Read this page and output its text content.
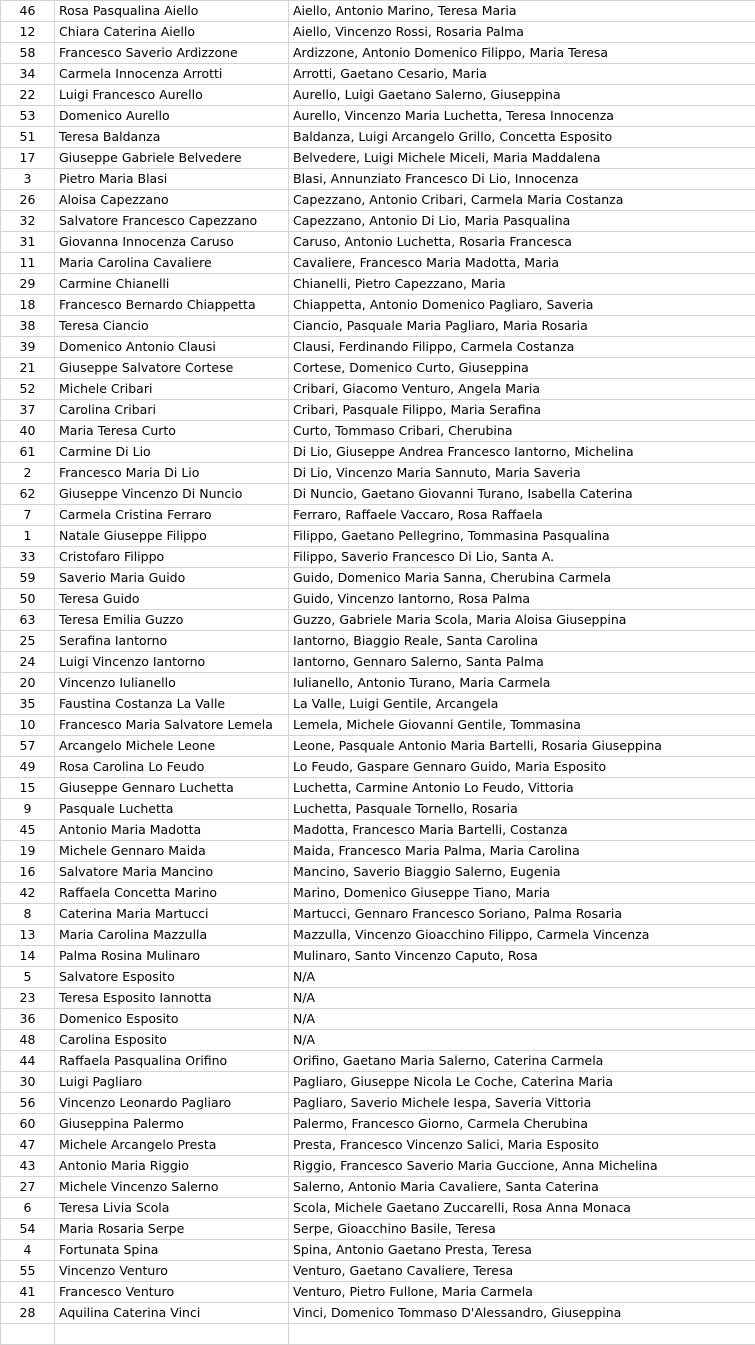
46	Rosa Pasqualina Aiello	Aiello, Antonio Marino, Teresa Maria
12	Chiara Caterina Aiello	Aiello, Vincenzo Rossi, Rosaria Palma
58	Francesco Saverio Ardizzone	Ardizzone, Antonio Domenico Filippo, Maria Teresa
34	Carmela Innocenza Arrotti	Arrotti, Gaetano Cesario, Maria
22	Luigi Francesco Aurello	Aurello, Luigi Gaetano Salerno, Giuseppina
53	Domenico Aurello	Aurello, Vincenzo Maria Luchetta, Teresa Innocenza
51	Teresa Baldanza	Baldanza, Luigi Arcangelo Grillo, Concetta Esposito
17	Giuseppe Gabriele Belvedere	Belvedere, Luigi Michele Miceli, Maria Maddalena
3	Pietro Maria Blasi	Blasi, Annunziato Francesco Di Lio, Innocenza
26	Aloisa Capezzano	Capezzano, Antonio Cribari, Carmela Maria Costanza
32	Salvatore Francesco Capezzano	Capezzano, Antonio Di Lio, Maria Pasqualina
31	Giovanna Innocenza Caruso	Caruso, Antonio Luchetta, Rosaria Francesca
11	Maria Carolina Cavaliere	Cavaliere, Francesco Maria Madotta, Maria
29	Carmine Chianelli	Chianelli, Pietro Capezzano, Maria
18	Francesco Bernardo Chiappetta	Chiappetta, Antonio Domenico Pagliaro, Saveria
38	Teresa Ciancio	Ciancio, Pasquale Maria Pagliaro, Maria Rosaria
39	Domenico Antonio Clausi	Clausi, Ferdinando Filippo, Carmela Costanza
21	Giuseppe Salvatore Cortese	Cortese, Domenico Curto, Giuseppina
52	Michele Cribari	Cribari, Giacomo Venturo, Angela Maria
37	Carolina Cribari	Cribari, Pasquale Filippo, Maria Serafina
40	Maria Teresa Curto	Curto, Tommaso Cribari, Cherubina
61	Carmine Di Lio	Di Lio, Giuseppe Andrea Francesco Iantorno, Michelina
2	Francesco Maria Di Lio	Di Lio, Vincenzo Maria Sannuto, Maria Saveria
62	Giuseppe Vincenzo Di Nuncio	Di Nuncio, Gaetano Giovanni Turano, Isabella Caterina
7	Carmela Cristina Ferraro	Ferraro, Raffaele Vaccaro, Rosa Raffaela
1	Natale Giuseppe Filippo	Filippo, Gaetano Pellegrino, Tommasina Pasqualina
33	Cristofaro Filippo	Filippo, Saverio Francesco Di Lio, Santa A.
59	Saverio Maria Guido	Guido, Domenico Maria Sanna, Cherubina Carmela
50	Teresa Guido	Guido, Vincenzo Iantorno, Rosa Palma
63	Teresa Emilia Guzzo	Guzzo, Gabriele Maria Scola, Maria Aloisa Giuseppina
25	Serafina Iantorno	Iantorno, Biaggio Reale, Santa Carolina
24	Luigi Vincenzo Iantorno	Iantorno, Gennaro Salerno, Santa Palma
20	Vincenzo Iulianello	Iulianello, Antonio Turano, Maria Carmela
35	Faustina Costanza La Valle	La Valle, Luigi Gentile, Arcangela
10	Francesco Maria Salvatore Lemela	Lemela, Michele Giovanni Gentile, Tommasina
57	Arcangelo Michele Leone	Leone, Pasquale Antonio Maria Bartelli, Rosaria Giuseppina
49	Rosa Carolina Lo Feudo	Lo Feudo, Gaspare Gennaro Guido, Maria Esposito
15	Giuseppe Gennaro Luchetta	Luchetta, Carmine Antonio Lo Feudo, Vittoria
9	Pasquale Luchetta	Luchetta, Pasquale Tornello, Rosaria
45	Antonio Maria Madotta	Madotta, Francesco Maria Bartelli, Costanza
19	Michele Gennaro Maida	Maida, Francesco Maria Palma, Maria Carolina
16	Salvatore Maria Mancino	Mancino, Saverio Biaggio Salerno, Eugenia
42	Raffaela Concetta Marino	Marino, Domenico Giuseppe Tiano, Maria
8	Caterina Maria Martucci	Martucci, Gennaro Francesco Soriano, Palma Rosaria
13	Maria Carolina Mazzulla	Mazzulla, Vincenzo Gioacchino Filippo, Carmela Vincenza
14	Palma Rosina Mulinaro	Mulinaro, Santo Vincenzo Caputo, Rosa
5	Salvatore Esposito	N/A
23	Teresa Esposito Iannotta	N/A
36	Domenico Esposito	N/A
48	Carolina Esposito	N/A
44	Raffaela Pasqualina Orifino	Orifino, Gaetano Maria Salerno, Caterina Carmela
30	Luigi Pagliaro	Pagliaro, Giuseppe Nicola Le Coche, Caterina Maria
56	Vincenzo Leonardo Pagliaro	Pagliaro, Saverio Michele Iespa, Saveria Vittoria
60	Giuseppina Palermo	Palermo, Francesco Giorno, Carmela Cherubina
47	Michele Arcangelo Presta	Presta, Francesco Vincenzo Salici, Maria Esposito
43	Antonio Maria Riggio	Riggio, Francesco Saverio Maria Guccione, Anna Michelina
27	Michele Vincenzo Salerno	Salerno, Antonio Maria Cavaliere, Santa Caterina
6	Teresa Livia Scola	Scola, Michele Gaetano Zuccarelli, Rosa Anna Monaca
54	Maria Rosaria Serpe	Serpe, Gioacchino Basile, Teresa
4	Fortunata Spina	Spina, Antonio Gaetano Presta, Teresa
55	Vincenzo Venturo	Venturo, Gaetano Cavaliere, Teresa
41	Francesco Venturo	Venturo, Pietro Fullone, Maria Carmela
28	Aquilina Caterina Vinci	Vinci, Domenico Tommaso D'Alessandro, Giuseppina
